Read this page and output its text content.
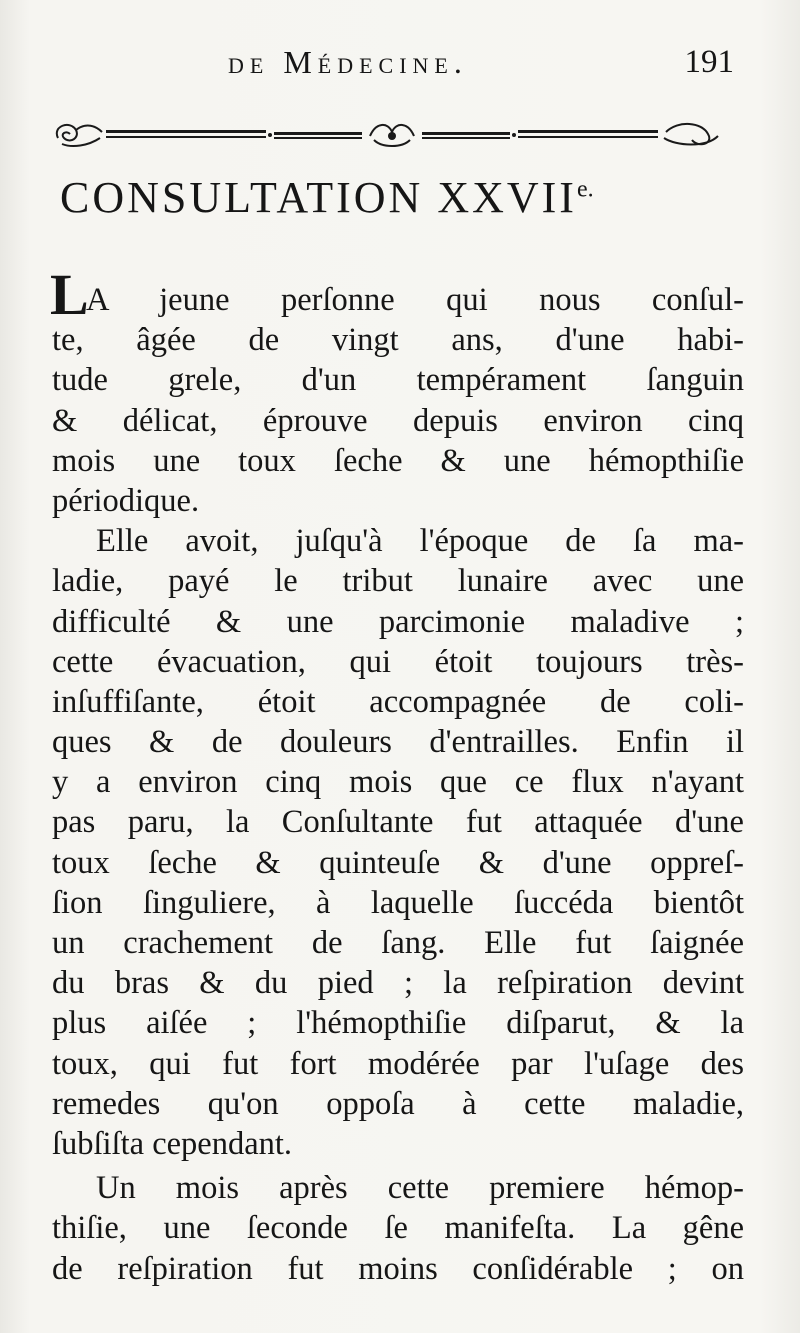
de Médecine.	191
CONSULTATION $XXVII^{e.}$
L
A jeune perſonne qui nous conſul-
te, âgée de vingt ans, d'une habi-
tude grele, d'un tempérament ſanguin
& délicat, éprouve depuis environ cinq
mois une toux ſeche & une hémopthiſie
périodique.
Elle avoit, juſqu'à l'époque de ſa ma-
ladie, payé le tribut lunaire avec une
difficulté & une parcimonie maladive ;
cette évacuation, qui étoit toujours très-
inſuffiſante, étoit accompagnée de coli-
ques & de douleurs d'entrailles. Enfin il
y a environ cinq mois que ce flux n'ayant
pas paru, la Conſultante fut attaquée d'une
toux ſeche & quinteuſe & d'une oppreſ-
ſion ſinguliere, à laquelle ſuccéda bientôt
un crachement de ſang. Elle fut ſaignée
du bras & du pied ; la reſpiration devint
plus aiſée ; l'hémopthiſie diſparut, & la
toux, qui fut fort modérée par l'uſage des
remedes qu'on oppoſa à cette maladie,
ſubſiſta cependant.
Un mois après cette premiere hémop-
thiſie, une ſeconde ſe manifeſta. La gêne
de reſpiration fut moins conſidérable ; on
